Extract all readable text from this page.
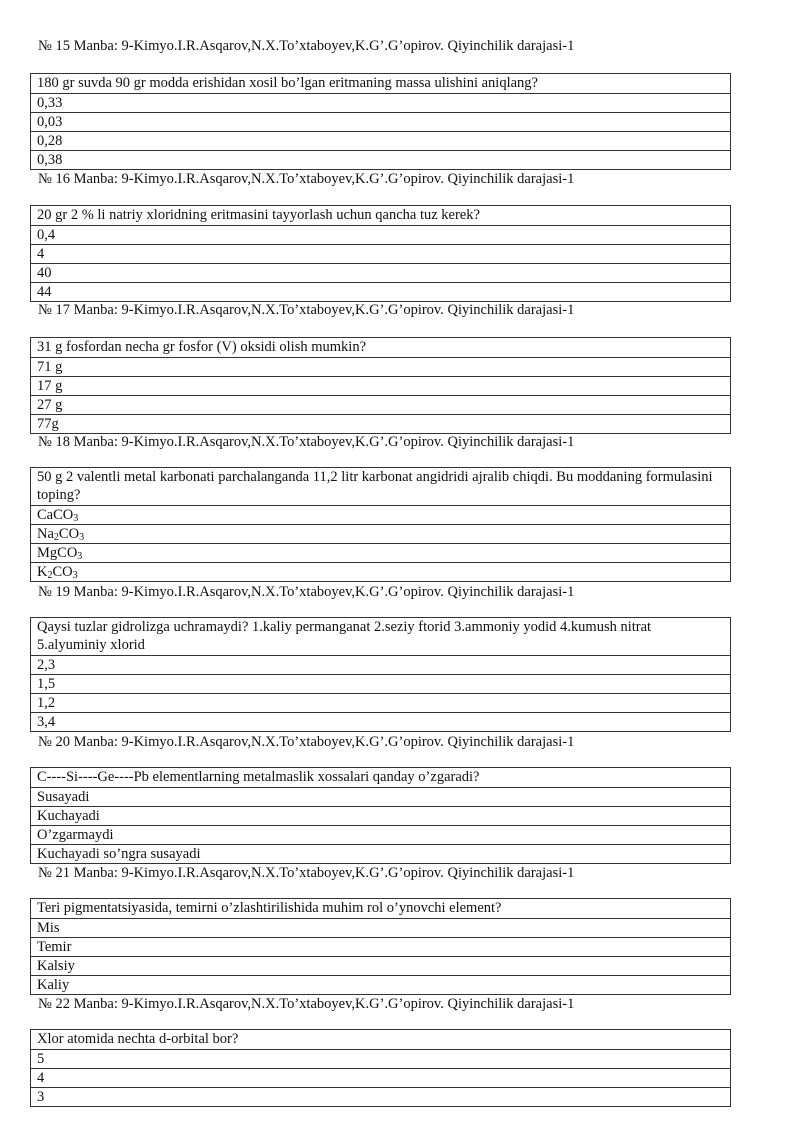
№ 15 Manba: 9-Kimyo.I.R.Asqarov,N.X.To’xtaboyev,K.G’.G’opirov. Qiyinchilik darajasi-1
180 gr suvda 90 gr modda erishidan xosil bo’lgan eritmaning massa ulishini aniqlang?
0,33
0,03
0,28
0,38
№ 16 Manba: 9-Kimyo.I.R.Asqarov,N.X.To’xtaboyev,K.G’.G’opirov. Qiyinchilik darajasi-1
20 gr 2 % li natriy xloridning eritmasini tayyorlash uchun qancha tuz kerek?
0,4
4
40
44
№ 17 Manba: 9-Kimyo.I.R.Asqarov,N.X.To’xtaboyev,K.G’.G’opirov. Qiyinchilik darajasi-1
31 g fosfordan necha gr fosfor (V) oksidi olish mumkin?
71 g
17 g
27 g
77g
№ 18 Manba: 9-Kimyo.I.R.Asqarov,N.X.To’xtaboyev,K.G’.G’opirov. Qiyinchilik darajasi-1
50 g 2 valentli metal karbonati parchalanganda 11,2 litr karbonat angidridi ajralib chiqdi. Bu moddaning formulasini toping?
CaCO$_3$
$Na_2CO_3$
MgCO$_3$
$K_2CO_3$
№ 19 Manba: 9-Kimyo.I.R.Asqarov,N.X.To’xtaboyev,K.G’.G’opirov. Qiyinchilik darajasi-1
Qaysi tuzlar gidrolizga uchramaydi? 1.kaliy permanganat 2.seziy ftorid 3.ammoniy yodid 4.kumush nitrat 5.alyuminiy xlorid
2,3
1,5
1,2
3,4
№ 20 Manba: 9-Kimyo.I.R.Asqarov,N.X.To’xtaboyev,K.G’.G’opirov. Qiyinchilik darajasi-1
C----Si----Ge----Pb elementlarning metalmaslik xossalari qanday o’zgaradi?
Susayadi
Kuchayadi
O’zgarmaydi
Kuchayadi so’ngra susayadi
№ 21 Manba: 9-Kimyo.I.R.Asqarov,N.X.To’xtaboyev,K.G’.G’opirov. Qiyinchilik darajasi-1
Teri pigmentatsiyasida, temirni o’zlashtirilishida muhim rol o’ynovchi element?
Mis
Temir
Kalsiy
Kaliy
№ 22 Manba: 9-Kimyo.I.R.Asqarov,N.X.To’xtaboyev,K.G’.G’opirov. Qiyinchilik darajasi-1
Xlor atomida nechta d-orbital bor?
5
4
3
